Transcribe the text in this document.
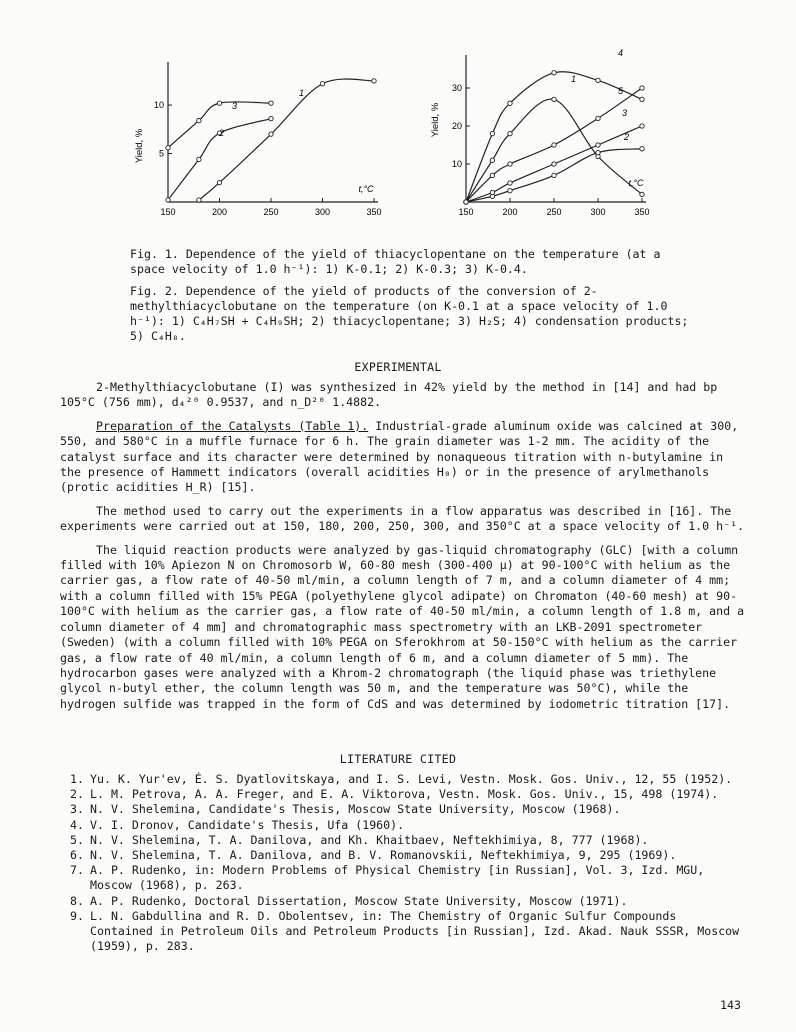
150	200	250	300	350
5
10
Yield, %
t,°C
1
2
3
150	200	250	300	350
10
20
30
Yield, %
t,°C
1
2
3
4
5
Fig. 1. Dependence of the yield of thiacyclopentane on the temperature (at a space velocity of 1.0 h⁻¹): 1) K-0.1; 2) K-0.3; 3) K-0.4.
Fig. 2. Dependence of the yield of products of the conversion of 2-methylthiacyclobutane on the temperature (on K-0.1 at a space velocity of 1.0 h⁻¹): 1) C₄H₇SH + C₄H₉SH; 2) thiacyclopentane; 3) H₂S; 4) condensation products; 5) C₄H₈.
EXPERIMENTAL

2-Methylthiacyclobutane (I) was synthesized in 42% yield by the method in [14] and had bp 105°C (756 mm), d₄²⁰ 0.9537, and n_D²⁰ 1.4882.

Preparation of the Catalysts (Table 1). Industrial-grade aluminum oxide was calcined at 300, 550, and 580°C in a muffle furnace for 6 h. The grain diameter was 1-2 mm. The acidity of the catalyst surface and its character were determined by nonaqueous titration with n-butylamine in the presence of Hammett indicators (overall acidities H₀) or in the presence of arylmethanols (protic acidities H_R) [15].

The method used to carry out the experiments in a flow apparatus was described in [16]. The experiments were carried out at 150, 180, 200, 250, 300, and 350°C at a space velocity of 1.0 h⁻¹.

The liquid reaction products were analyzed by gas-liquid chromatography (GLC) [with a column filled with 10% Apiezon N on Chromosorb W, 60-80 mesh (300-400 μ) at 90-100°C with helium as the carrier gas, a flow rate of 40-50 ml/min, a column length of 7 m, and a column diameter of 4 mm; with a column filled with 15% PEGA (polyethylene glycol adipate) on Chromaton (40-60 mesh) at 90-100°C with helium as the carrier gas, a flow rate of 40-50 ml/min, a column length of 1.8 m, and a column diameter of 4 mm] and chromatographic mass spectrometry with an LKB-2091 spectrometer (Sweden) (with a column filled with 10% PEGA on Sferokhrom at 50-150°C with helium as the carrier gas, a flow rate of 40 ml/min, a column length of 6 m, and a column diameter of 5 mm). The hydrocarbon gases were analyzed with a Khrom-2 chromatograph (the liquid phase was triethylene glycol n-butyl ether, the column length was 50 m, and the temperature was 50°C), while the hydrogen sulfide was trapped in the form of CdS and was determined by iodometric titration [17].

LITERATURE CITED
1. Yu. K. Yur'ev, É. S. Dyatlovitskaya, and I. S. Levi, Vestn. Mosk. Gos. Univ., 12, 55 (1952).
2. L. M. Petrova, A. A. Freger, and E. A. Viktorova, Vestn. Mosk. Gos. Univ., 15, 498 (1974).
3. N. V. Shelemina, Candidate's Thesis, Moscow State University, Moscow (1968).
4. V. I. Dronov, Candidate's Thesis, Ufa (1960).
5. N. V. Shelemina, T. A. Danilova, and Kh. Khaitbaev, Neftekhimiya, 8, 777 (1968).
6. N. V. Shelemina, T. A. Danilova, and B. V. Romanovskii, Neftekhimiya, 9, 295 (1969).
7. A. P. Rudenko, in: Modern Problems of Physical Chemistry [in Russian], Vol. 3, Izd. MGU, Moscow (1968), p. 263.
8. A. P. Rudenko, Doctoral Dissertation, Moscow State University, Moscow (1971).
9. L. N. Gabdullina and R. D. Obolentsev, in: The Chemistry of Organic Sulfur Compounds Contained in Petroleum Oils and Petroleum Products [in Russian], Izd. Akad. Nauk SSSR, Moscow (1959), p. 283.
143
